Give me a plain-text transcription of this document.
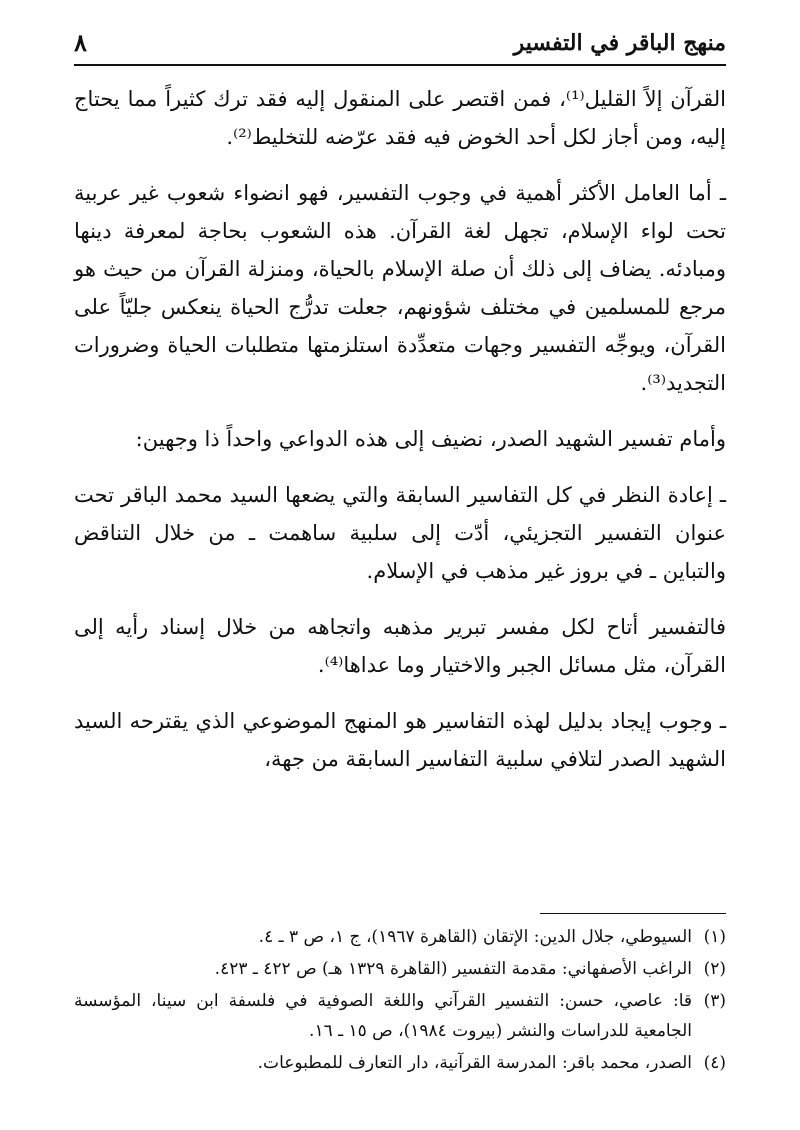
منهج الباقر في التفسير
٨

القرآن إلاً القليل⁽¹⁾، فمن اقتصر على المنقول إليه فقد ترك كثيراً مما يحتاج إليه، ومن أجاز لكل أحد الخوض فيه فقد عرّضه للتخليط⁽²⁾.

ـ أما العامل الأكثر أهمية في وجوب التفسير، فهو انضواء شعوب غير عربية تحت لواء الإسلام، تجهل لغة القرآن. هذه الشعوب بحاجة لمعرفة دينها ومبادئه. يضاف إلى ذلك أن صلة الإسلام بالحياة، ومنزلة القرآن من حيث هو مرجع للمسلمين في مختلف شؤونهم، جعلت تدرُّج الحياة ينعكس جليّاً على القرآن، ويوجِّه التفسير وجهات متعدِّدة استلزمتها متطلبات الحياة وضرورات التجديد⁽³⁾.

وأمام تفسير الشهيد الصدر، نضيف إلى هذه الدواعي واحداً ذا وجهين:

ـ إعادة النظر في كل التفاسير السابقة والتي يضعها السيد محمد الباقر تحت عنوان التفسير التجزيئي، أدّت إلى سلبية ساهمت ـ من خلال التناقض والتباين ـ في بروز غير مذهب في الإسلام.

فالتفسير أتاح لكل مفسر تبرير مذهبه واتجاهه من خلال إسناد رأيه إلى القرآن، مثل مسائل الجبر والاختيار وما عداها⁽⁴⁾.

ـ وجوب إيجاد بدليل لهذه التفاسير هو المنهج الموضوعي الذي يقترحه السيد الشهيد الصدر لتلافي سلبية التفاسير السابقة من جهة،

(١)
السيوطي، جلال الدين: الإتقان (القاهرة ١٩٦٧)، ج ١، ص ٣ ـ ٤.
(٢)
الراغب الأصفهاني: مقدمة التفسير (القاهرة ١٣٢٩ هـ) ص ٤٢٢ ـ ٤٢٣.
(٣)
قا: عاصي، حسن: التفسير القرآني واللغة الصوفية في فلسفة ابن سينا، المؤسسة الجامعية للدراسات والنشر (بيروت ١٩٨٤)، ص ١٥ ـ ١٦.
(٤)
الصدر، محمد باقر: المدرسة القرآنية، دار التعارف للمطبوعات.
